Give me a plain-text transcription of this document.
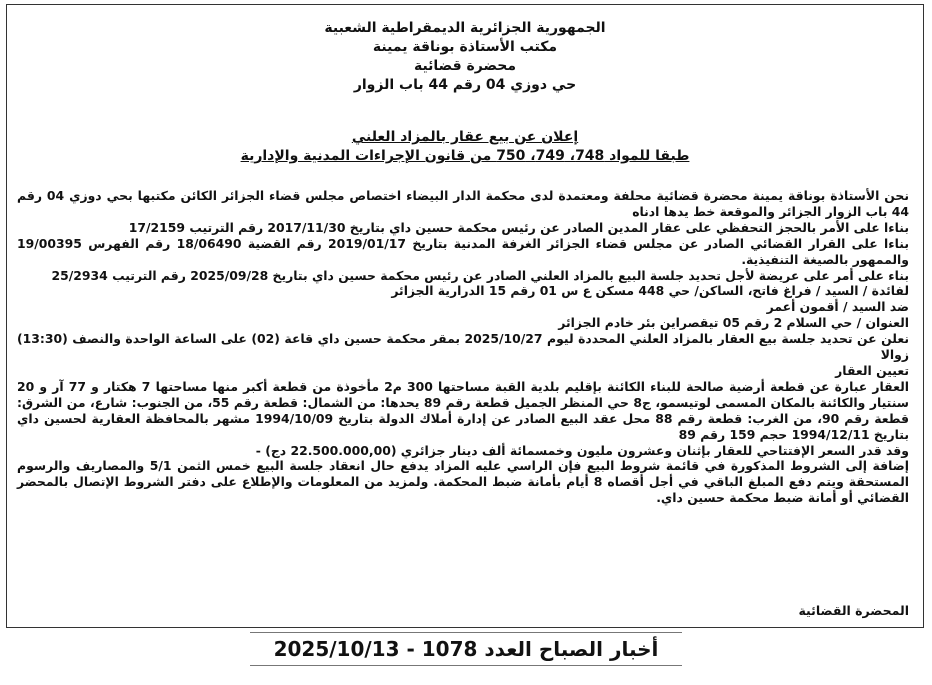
الجمهورية الجزائرية الديمقراطية الشعبية
مكتب الأستاذة بوناقة يمينة
محضرة قضائية
حي دوزي 04 رقم 44 باب الزوار
إعلان عن بيع عقار بالمزاد العلني
طبقا للمواد 748، 749، 750 من قانون الإجراءات المدنية والإدارية

نحن الأستاذة بوناقة يمينة محضرة قضائية محلفة ومعتمدة لدى محكمة الدار البيضاء اختصاص مجلس قضاء الجزائر الكائن مكتبها بحي دوزي 04 رقم 44 باب الزوار الجزائر والموقعة خط يدها ادناه

بناءا على الأمر بالحجز التحفظي على عقار المدين الصادر عن رئيس محكمة حسين داي بتاريخ 2017/11/30 رقم الترتيب 17/2159

بناءا على القرار القضائي الصادر عن مجلس قضاء الجزائر الغرفة المدنية بتاريخ 2019/01/17 رقم القضية 18/06490 رقم الفهرس 19/00395 والممهور بالصيغة التنفيذية.

بناء على أمر على عريضة لأجل تحديد جلسة البيع بالمزاد العلني الصادر عن رئيس محكمة حسين داي بتاريخ 2025/09/28 رقم الترتيب 25/2934

لفائدة / السيد / فراغ فاتح، الساكن/ حي 448 مسكن ع س 01 رقم 15 الدرارية الجزائر

ضد السيد / أقمون أعمر

العنوان / حي السلام 2 رقم 05 تيقصراين بئر خادم الجزائر

نعلن عن تحديد جلسة بيع العقار بالمزاد العلني المحددة ليوم 2025/10/27 بمقر محكمة حسين داي قاعة (02) على الساعة الواحدة والنصف (13:30) زوالا

تعيين العقار

العقار عبارة عن قطعة أرضية صالحة للبناء الكائنة بإقليم بلدية القبة مساحتها 300 م2 مأخوذة من قطعة أكبر منها مساحتها 7 هكتار و 77 آر و 20 سنتيار والكائنة بالمكان المسمى لوتيسمو، ج8 حي المنظر الجميل قطعة رقم 89 يحدها: من الشمال: قطعة رقم 55، من الجنوب: شارع، من الشرق: قطعة رقم 90، من الغرب: قطعة رقم 88 محل عقد البيع الصادر عن إدارة أملاك الدولة بتاريخ 1994/10/09 مشهر بالمحافظة العقارية لحسين داي بتاريخ 1994/12/11 حجم 159 رقم 89

وقد قدر السعر الإفتتاحي للعقار بإثنان وعشرون مليون وخمسمائة ألف دينار جزائري (22.500.000,00 دج) -

إضافة إلى الشروط المذكورة في قائمة شروط البيع فإن الراسي عليه المزاد يدفع حال انعقاد جلسة البيع خمس الثمن 5/1 والمصاريف والرسوم المستحقة ويتم دفع المبلغ الباقي في أجل أقصاه 8 أيام بأمانة ضبط المحكمة. ولمزيد من المعلومات والإطلاع على دفتر الشروط الإتصال بالمحضر القضائي أو أمانة ضبط محكمة حسين داي.

المحضرة القضائية
أخبار الصباح العدد 1078 - 2025/10/13
